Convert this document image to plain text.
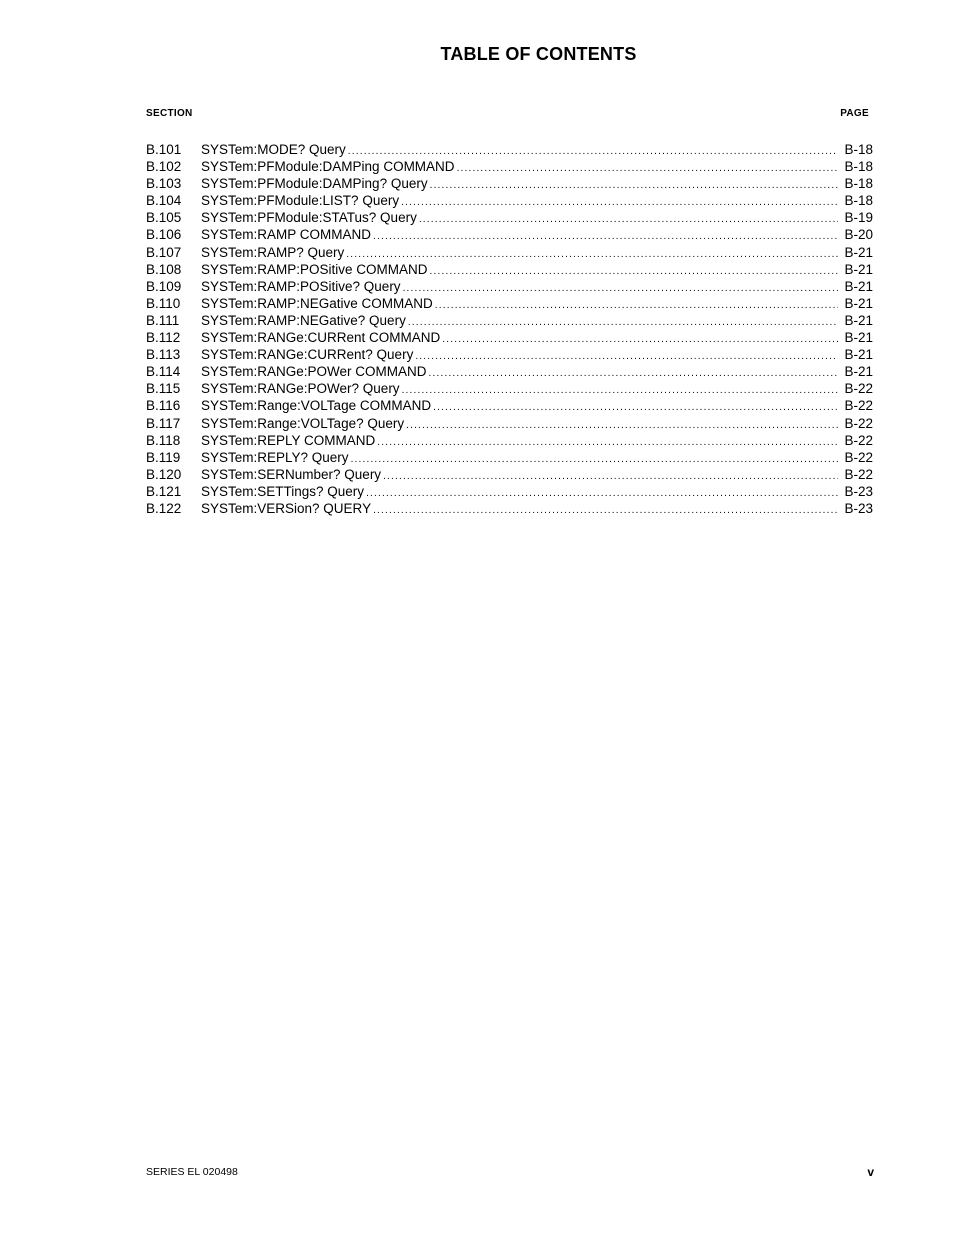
TABLE OF CONTENTS
SECTION	PAGE
B.101	SYSTem:MODE? Query .....	B-18
B.102	SYSTem:PFModule:DAMPing COMMAND .....	B-18
B.103	SYSTem:PFModule:DAMPing? Query .....	B-18
B.104	SYSTem:PFModule:LIST? Query .....	B-18
B.105	SYSTem:PFModule:STATus? Query .....	B-19
B.106	SYSTem:RAMP COMMAND .....	B-20
B.107	SYSTem:RAMP? Query .....	B-21
B.108	SYSTem:RAMP:POSitive COMMAND .....	B-21
B.109	SYSTem:RAMP:POSitive? Query .....	B-21
B.110	SYSTem:RAMP:NEGative COMMAND .....	B-21
B.111	SYSTem:RAMP:NEGative? Query .....	B-21
B.112	SYSTem:RANGe:CURRent COMMAND .....	B-21
B.113	SYSTem:RANGe:CURRent? Query .....	B-21
B.114	SYSTem:RANGe:POWer COMMAND .....	B-21
B.115	SYSTem:RANGe:POWer? Query .....	B-22
B.116	SYSTem:Range:VOLTage COMMAND .....	B-22
B.117	SYSTem:Range:VOLTage? Query .....	B-22
B.118	SYSTem:REPLY COMMAND .....	B-22
B.119	SYSTem:REPLY? Query .....	B-22
B.120	SYSTem:SERNumber? Query .....	B-22
B.121	SYSTem:SETTings? Query .....	B-23
B.122	SYSTem:VERSion? QUERY .....	B-23
SERIES EL 020498	v
